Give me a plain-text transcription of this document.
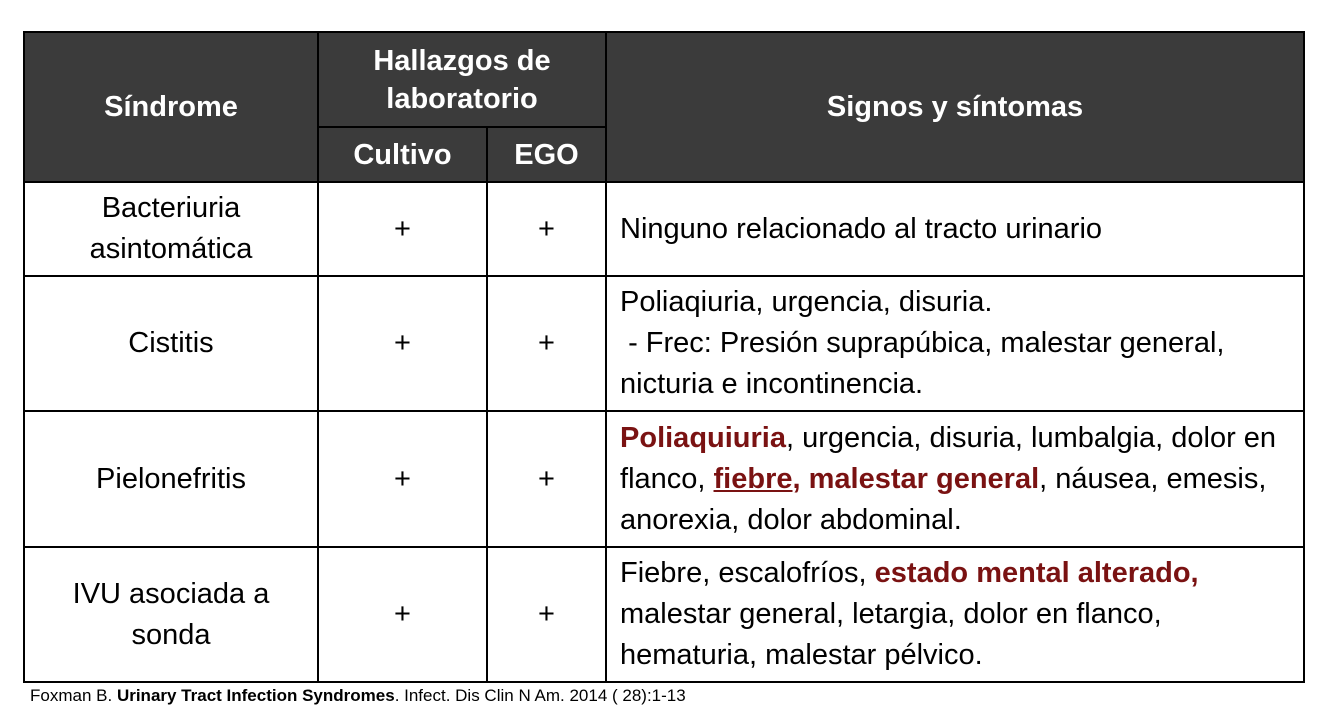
Síndrome	Hallazgos de laboratorio		Signos y síntomas
	Cultivo	EGO	
Bacteriuria asintomática	+	+	Ninguno relacionado al tracto urinario
Cistitis	+	+	Poliaqiuria, urgencia, disuria.
- Frec: Presión suprapúbica, malestar general, nicturia e incontinencia.

Pielonefritis	+	+	Poliaquiuria, urgencia, disuria, lumbalgia, dolor en flanco, fiebre, malestar general, náusea, emesis, anorexia, dolor abdominal.
IVU asociada a sonda	+	+	Fiebre, escalofríos, estado mental alterado, malestar general, letargia, dolor en flanco, hematuria, malestar pélvico.
Foxman B. Urinary Tract Infection Syndromes. Infect. Dis Clin N Am. 2014 ( 28):1-13
